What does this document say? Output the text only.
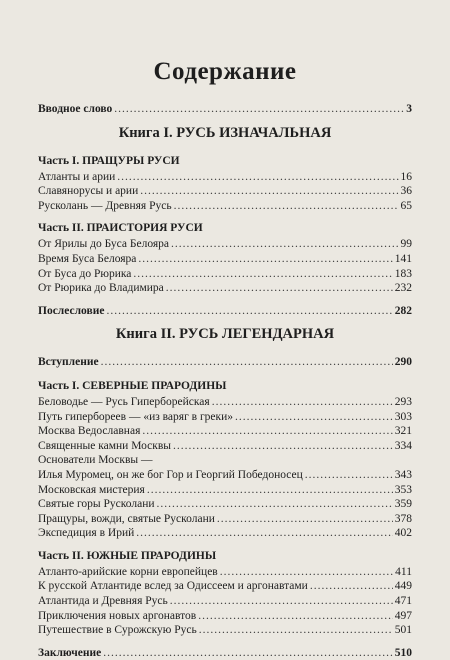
Содержание
Вводное слово .....	3
Книга I. РУСЬ ИЗНАЧАЛЬНАЯ
Часть I. ПРАЩУРЫ РУСИ
Атланты и арии .....	16
Славянорусы и арии .....	36
Русколань — Древняя Русь .....	65
Часть II. ПРАИСТОРИЯ РУСИ
От Ярилы до Буса Белояра .....	99
Время Буса Белояра .....	141
От Буса до Рюрика .....	183
От Рюрика до Владимира .....	232
Послесловие .....	282
Книга II. РУСЬ ЛЕГЕНДАРНАЯ
Вступление .....	290
Часть I. СЕВЕРНЫЕ ПРАРОДИНЫ
Беловодье — Русь Гиперборейская .....	293
Путь гипербореев — «из варяг в греки» .....	303
Москва Ведославная .....	321
Священные камни Москвы .....	334
Основатели Москвы —
Илья Муромец, он же бог Гор и Георгий Победоносец .....	343
Московская мистерия .....	353
Святые горы Русколани .....	359
Пращуры, вожди, святые Русколани .....	378
Экспедиция в Ирий .....	402
Часть II. ЮЖНЫЕ ПРАРОДИНЫ
Атланто-арийские корни европейцев .....	411
К русской Атлантиде вслед за Одиссеем и аргонавтами .....	449
Атлантида и Древняя Русь .....	471
Приключения новых аргонавтов .....	497
Путешествие в Сурожскую Русь .....	501
Заключение .....	510
